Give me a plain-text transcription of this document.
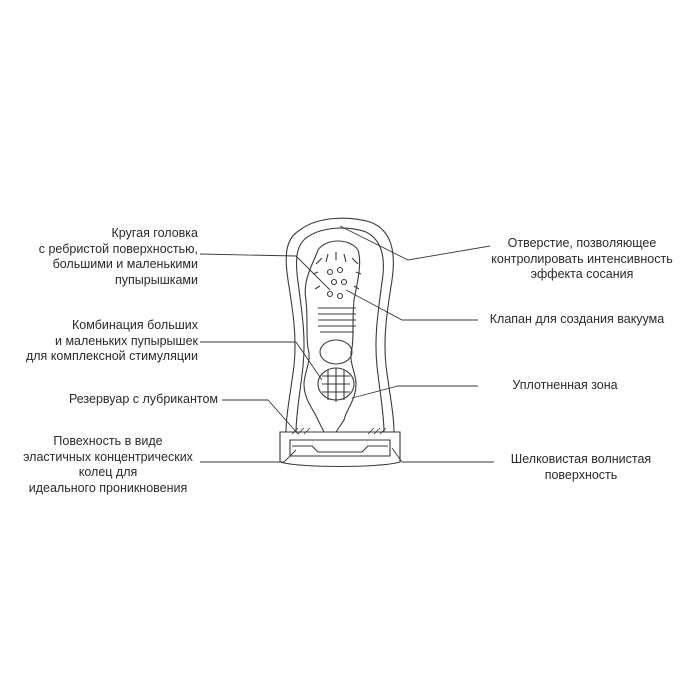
Кругая головка
с ребристой поверхностью,
большими и маленькими
пупырышками
Комбинация больших
и маленьких пупырышек
для комплексной стимуляции
Резервуар с лубрикантом
Повехность в виде
эластичных концентрических
колец для
идеального проникновения
Отверстие, позволяющее
контролировать интенсивность
эффекта сосания
Клапан для создания вакуума
Уплотненная зона
Шелковистая волнистая
поверхность
